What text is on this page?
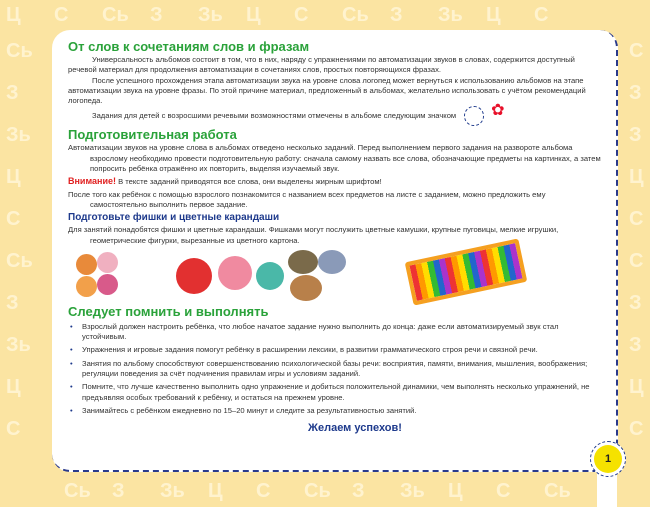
Ц С Сь З Зь Ц С Сь З Зь Ц С
Сь
З
Зь
Ц
С
Сь
З
Зь
Ц
С
С
З
З
Ц
С
С
З
З
Ц
С
Сь З Зь Ц С Сь З Зь Ц С Сь
От слов к сочетаниям слов и фразам

Универсальность альбомов состоит в том, что в них, наряду с упражнениями по автоматизации звуков в словах, содержится доступный речевой материал для продолжения автоматизации в сочетаниях слов, простых повторяющихся фразах.

После успешного прохождения этапа автоматизации звука на уровне слова логопед может вернуться к использованию альбомов на этапе автоматизации звука на уровне фразы. По этой причине материал, предложенный в альбомах, желательно использовать с учётом рекомендаций логопеда.

Задания для детей с возросшими речевыми возможностями отмечены в альбоме следующим значком✿

Подготовительная работа

Автоматизации звуков на уровне слова в альбомах отведено несколько заданий. Перед выполнением первого задания на развороте альбома взрослому необходимо провести подготовительную работу: сначала самому назвать все слова, обозначающие предметы на картинках, а затем попросить ребёнка отражённо их повторить, выделяя изучаемый звук.

Внимание! В тексте заданий приводятся все слова, они выделены жирным шрифтом!

После того как ребёнок с помощью взрослого познакомится с названием всех предметов на листе с заданием, можно предложить ему самостоятельно выполнить первое задание.

Подготовьте фишки и цветные карандаши

Для занятий понадобятся фишки и цветные карандаши. Фишками могут послужить цветные камушки, крупные пуговицы, мелкие игрушки, геометрические фигурки, вырезанные из цветного картона.

Следует помнить и выполнять
• Взрослый должен настроить ребёнка, что любое начатое задание нужно выполнить до конца: даже если автоматизируемый звук стал устойчивым.
• Упражнения и игровые задания помогут ребёнку в расширении лексики, в развитии грамматического строя речи и связной речи.
• Занятия по альбому способствуют совершенствованию психологической базы речи: восприятия, памяти, внимания, мышления, воображения; регуляции поведения за счёт подчинения правилам игры и условиям заданий.
• Помните, что лучше качественно выполнить одно упражнение и добиться положительной динамики, чем выполнять несколько упражнений, не предъявляя особых требований к ребёнку, и остаться на прежнем уровне.
• Занимайтесь с ребёнком ежедневно по 15–20 минут и следите за результативностью занятий.
Желаем успехов!
1
